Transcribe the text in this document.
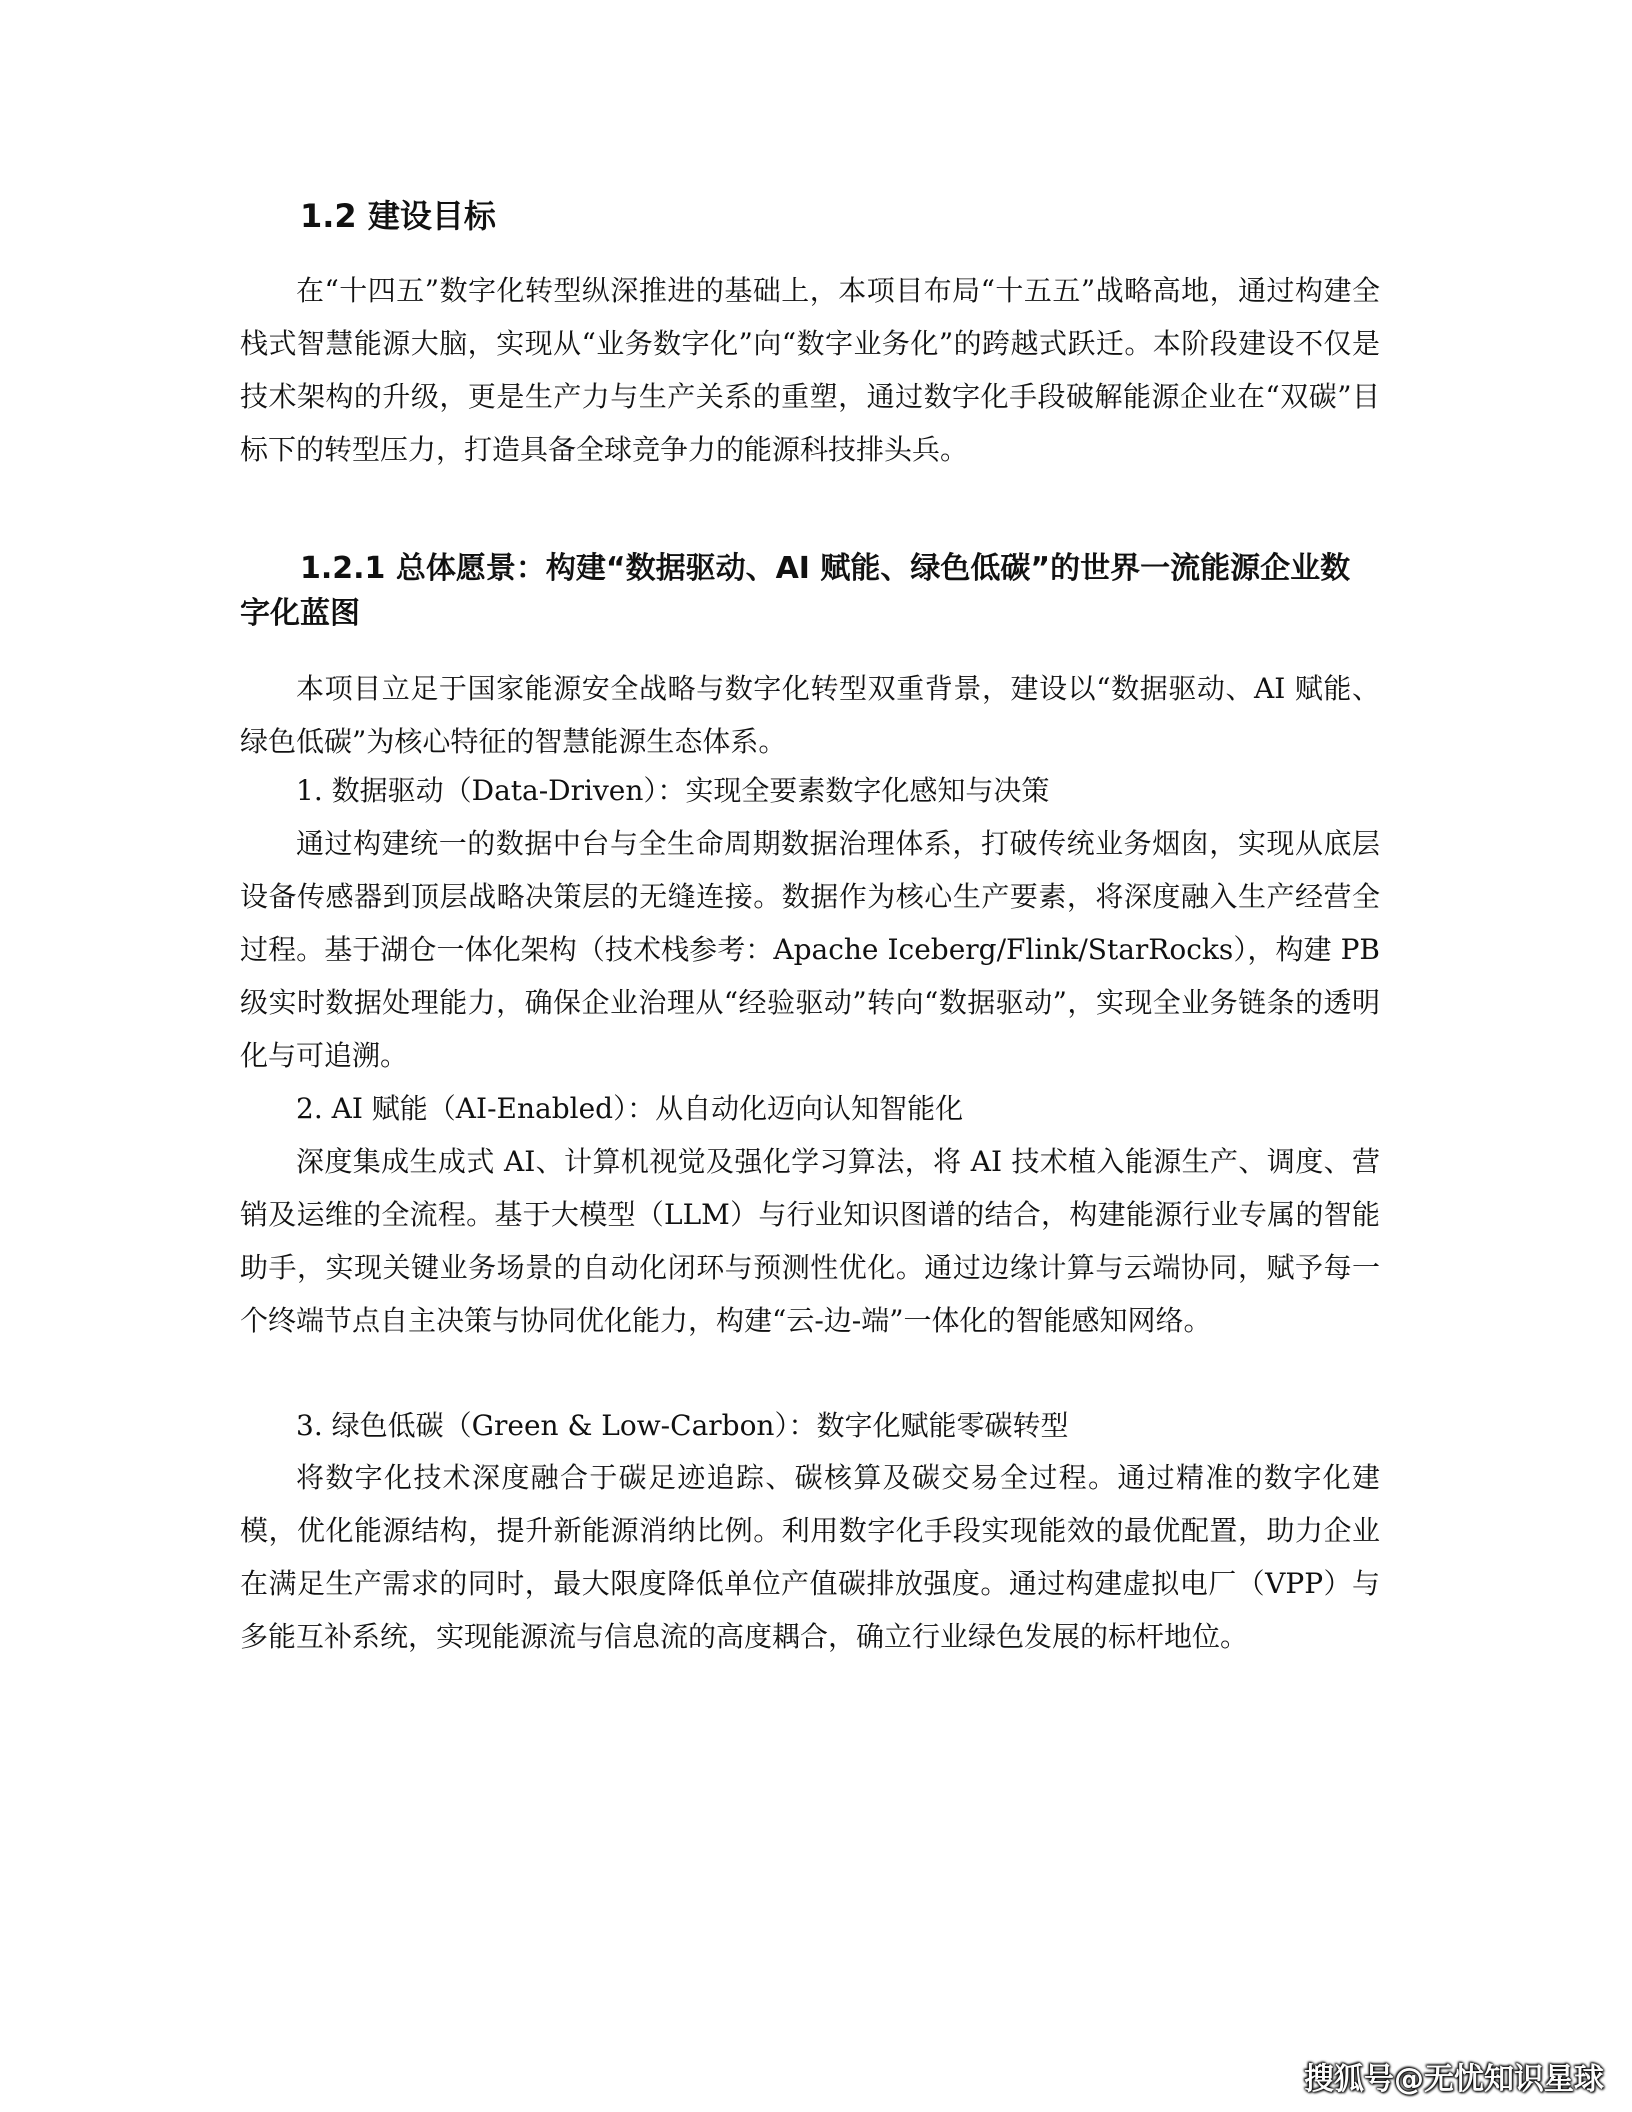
1.2 建设目标

在“十四五”数字化转型纵深推进的基础上，本项目布局“十五五”战略高地，通过构建全栈式智慧能源大脑，实现从“业务数字化”向“数字业务化”的跨越式跃迁。本阶段建设不仅是技术架构的升级，更是生产力与生产关系的重塑，通过数字化手段破解能源企业在“双碳”目标下的转型压力，打造具备全球竞争力的能源科技排头兵。

1.2.1 总体愿景：构建“数据驱动、AI 赋能、绿色低碳”的世界一流能源企业数字化蓝图

本项目立足于国家能源安全战略与数字化转型双重背景，建设以“数据驱动、AI 赋能、绿色低碳”为核心特征的智慧能源生态体系。

1. 数据驱动（Data-Driven）：实现全要素数字化感知与决策

通过构建统一的数据中台与全生命周期数据治理体系，打破传统业务烟囱，实现从底层设备传感器到顶层战略决策层的无缝连接。数据作为核心生产要素，将深度融入生产经营全过程。基于湖仓一体化架构（技术栈参考：Apache Iceberg/Flink/StarRocks），构建 PB 级实时数据处理能力，确保企业治理从“经验驱动”转向“数据驱动”，实现全业务链条的透明化与可追溯。

2. AI 赋能（AI-Enabled）：从自动化迈向认知智能化

深度集成生成式 AI、计算机视觉及强化学习算法，将 AI 技术植入能源生产、调度、营销及运维的全流程。基于大模型（LLM）与行业知识图谱的结合，构建能源行业专属的智能助手，实现关键业务场景的自动化闭环与预测性优化。通过边缘计算与云端协同，赋予每一个终端节点自主决策与协同优化能力，构建“云-边-端”一体化的智能感知网络。

3. 绿色低碳（Green & Low-Carbon）：数字化赋能零碳转型

将数字化技术深度融合于碳足迹追踪、碳核算及碳交易全过程。通过精准的数字化建模，优化能源结构，提升新能源消纳比例。利用数字化手段实现能效的最优配置，助力企业在满足生产需求的同时，最大限度降低单位产值碳排放强度。通过构建虚拟电厂（VPP）与多能互补系统，实现能源流与信息流的高度耦合，确立行业绿色发展的标杆地位。

搜狐号@无忧知识星球
